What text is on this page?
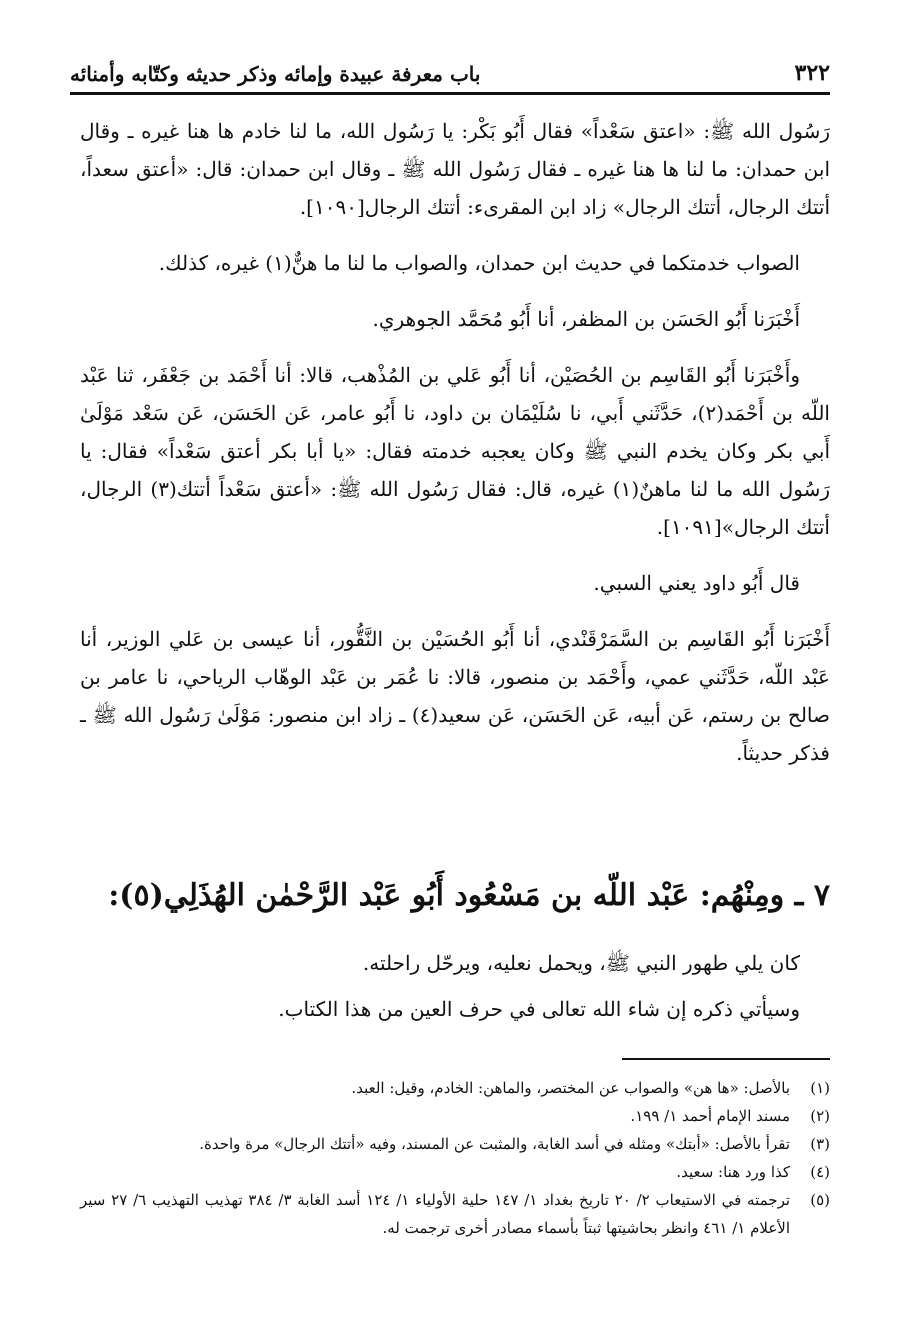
٣٢٢
باب معرفة عبيدة وإمائه وذكر حديثه وكتّابه وأمنائه

رَسُول الله ﷺ: «اعتق سَعْداً» فقال أَبُو بَكْر: يا رَسُول الله، ما لنا خادم ها هنا غيره ـ وقال ابن حمدان: ما لنا ها هنا غيره ـ فقال رَسُول الله ﷺ ـ وقال ابن حمدان: قال: «أعتق سعداً، أتتك الرجال، أتتك الرجال» زاد ابن المقرىء: أتتك الرجال[١٠٩٠].

الصواب خدمتكما في حديث ابن حمدان، والصواب ما لنا ما هنٌّ(١) غيره، كذلك.

أَخْبَرَنا أَبُو الحَسَن بن المظفر، أنا أَبُو مُحَمَّد الجوهري.

وأَخْبَرَنا أَبُو القَاسِم بن الحُصَيْن، أنا أَبُو عَلي بن المُذْهب، قالا: أنا أَحْمَد بن جَعْفَر، ثنا عَبْد اللّه بن أَحْمَد(٢)، حَدَّثَني أَبي، نا سُلَيْمَان بن داود، نا أَبُو عامر، عَن الحَسَن، عَن سَعْد مَوْلَىٰ أَبي بكر وكان يخدم النبي ﷺ وكان يعجبه خدمته فقال: «يا أبا بكر أعتق سَعْداً» فقال: يا رَسُول الله ما لنا ماهنٌ(١) غيره، قال: فقال رَسُول الله ﷺ: «أعتق سَعْداً أتتك(٣) الرجال، أتتك الرجال»[١٠٩١].

قال أَبُو داود يعني السبي.

أَخْبَرَنا أَبُو القَاسِم بن السَّمَرْقَنْدي، أنا أَبُو الحُسَيْن بن النَّقُّور، أنا عيسى بن عَلي الوزير، أنا عَبْد اللّه، حَدَّثَني عمي، وأَحْمَد بن منصور، قالا: نا عُمَر بن عَبْد الوهّاب الرياحي، نا عامر بن صالح بن رستم، عَن أبيه، عَن الحَسَن، عَن سعيد(٤) ـ زاد ابن منصور: مَوْلَىٰ رَسُول الله ﷺ ـ فذكر حديثاً.

٧ ـ ومِنْهُم: عَبْد اللّه بن مَسْعُود أَبُو عَبْد الرَّحْمٰن الهُذَلِي(٥):

كان يلي طهور النبي ﷺ، ويحمل نعليه، ويرحّل راحلته.

وسيأتي ذكره إن شاء الله تعالى في حرف العين من هذا الكتاب.

(١)
بالأصل: «ها هن» والصواب عن المختصر، والماهن: الخادم، وقيل: العبد.
(٢)
مسند الإمام أحمد ١/ ١٩٩.
(٣)
تقرأ بالأصل: «أبتك» ومثله في أسد الغابة، والمثبت عن المسند، وفيه «أتتك الرجال» مرة واحدة.
(٤)
كذا ورد هنا: سعيد.
(٥)
ترجمته في الاستيعاب ٢/ ٢٠ تاريخ بغداد ١/ ١٤٧ حلية الأولياء ١/ ١٢٤ أسد الغابة ٣/ ٣٨٤ تهذيب التهذيب ٦/ ٢٧ سير الأعلام ١/ ٤٦١ وانظر بحاشيتها ثبتاً بأسماء مصادر أخرى ترجمت له.
